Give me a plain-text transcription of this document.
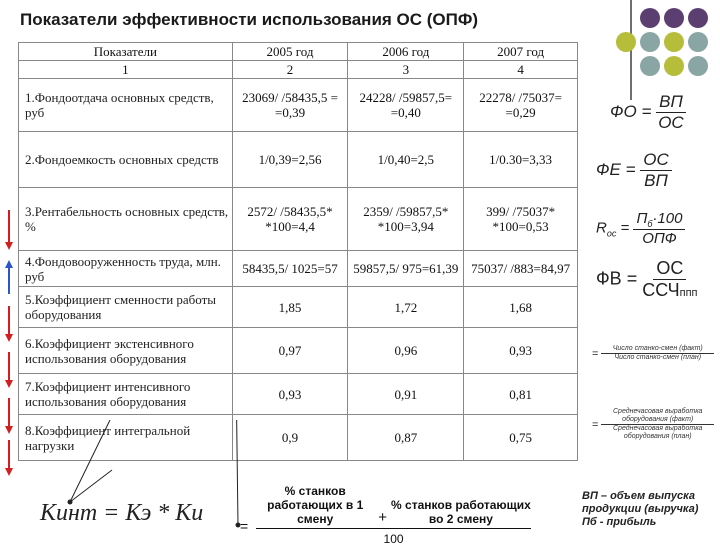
Показатели эффективности использования ОС (ОПФ)
Показатели	2005 год	2006 год	2007 год
1	2	3	4
1.Фондоотдача основных средств, руб	23069/ /58435,5 = =0,39	24228/ /59857,5= =0,40	22278/ /75037= =0,29
2.Фондоемкость основных средств	1/0,39=2,56	1/0,40=2,5	1/0.30=3,33
3.Рентабельность основных средств, %	2572/ /58435,5* *100=4,4	2359/ /59857,5* *100=3,94	399/ /75037* *100=0,53
4.Фондовооруженность труда, млн. руб	58435,5/ 1025=57	59857,5/ 975=61,39	75037/ /883=84,97
5.Коэффициент сменности работы оборудования	1,85	1,72	1,68
6.Коэффициент экстенсивного использования оборудования	0,97	0,96	0,93
7.Коэффициент интенсивного использования оборудования	0,93	0,91	0,81
8.Коэффициент интегральной нагрузки	0,9	0,87	0,75
ФО = $\frac{ВП}{ОС}$
ФЕ = $\frac{ОС}{ВП}$
$R_{ос} = \frac{П_б\cdot 100}{\text{ОПФ}}$
ФВ = $\frac{ОС}{\text{ССЧппп}}$
=	Число станко-смен (факт)
Число станко-смен (план)
=
Среднечасовая выработка оборудования (факт)
Среднечасовая выработка оборудования (план)
Кинт = Кэ * Ки	=
% станков работающих в 1 смену	+
% станков работающих во 2 смену
100
ВП – объем выпуска
продукции (выручка)
Пб - прибыль
